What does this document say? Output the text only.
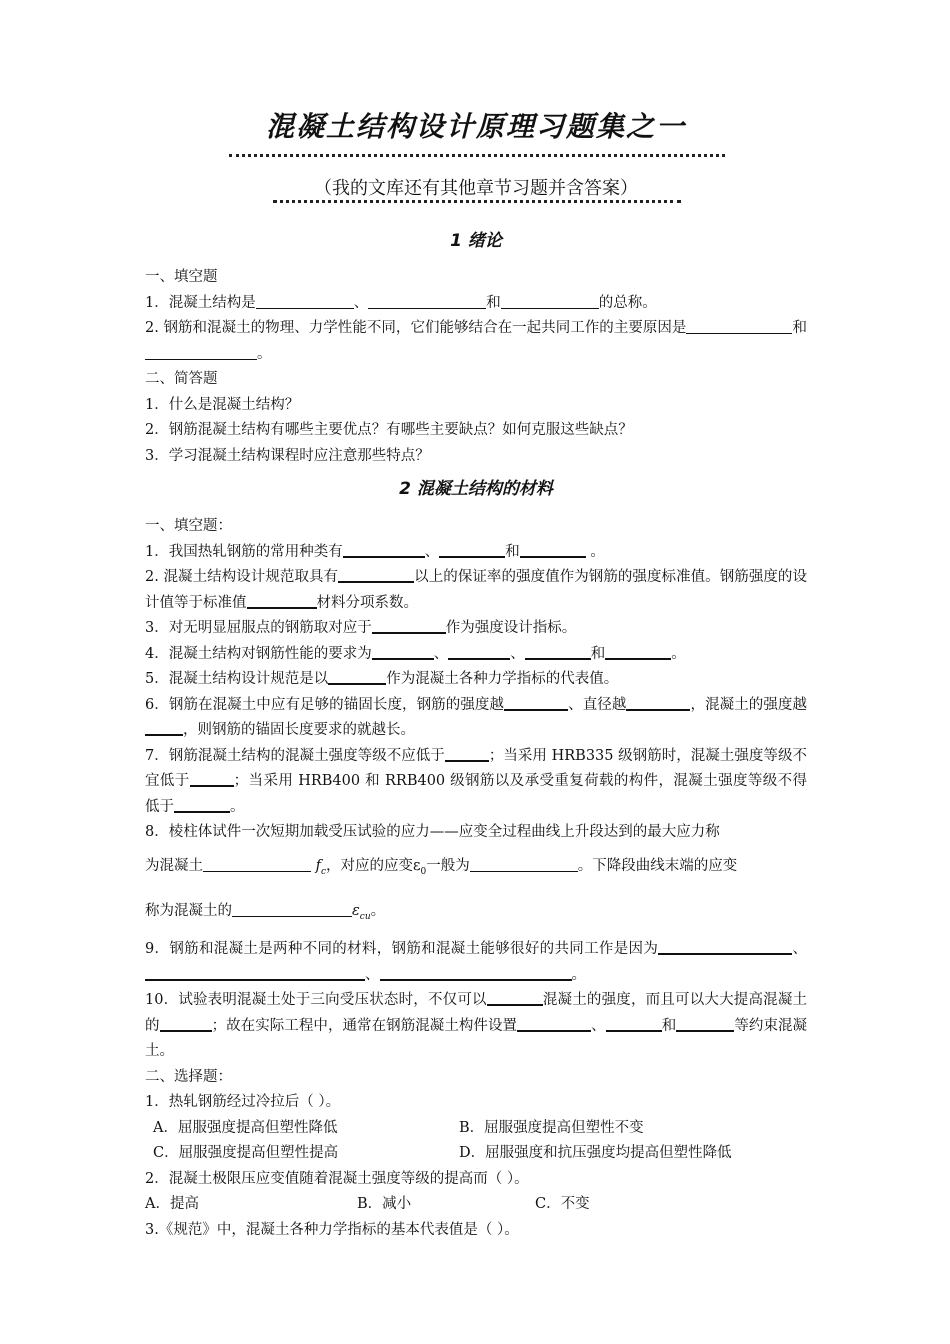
混凝土结构设计原理习题集之一
（我的文库还有其他章节习题并含答案）
1 绪论
一、填空题
1．混凝土结构是	、	和	的总称。
2. 钢筋和混凝土的物理、力学性能不同，它们能够结合在一起共同工作的主要原因是	和。
二、简答题
1．什么是混凝土结构？
2．钢筋混凝土结构有哪些主要优点？有哪些主要缺点？如何克服这些缺点？
3．学习混凝土结构课程时应注意那些特点？
2 混凝土结构的材料
一、填空题：
1．我国热轧钢筋的常用种类有	、	和	。
2. 混凝土结构设计规范取具有	以上的保证率的强度值作为钢筋的强度标准值。钢筋强度的设计值等于标准值	材料分项系数。
3．对无明显屈服点的钢筋取对应于	作为强度设计指标。
4．混凝土结构对钢筋性能的要求为	、	、	和	。
5．混凝土结构设计规范是以	作为混凝土各种力学指标的代表值。
6．钢筋在混凝土中应有足够的锚固长度，钢筋的强度越	、直径越	，混凝土的强度越，则钢筋的锚固长度要求的就越长。
7．钢筋混凝土结构的混凝土强度等级不应低于	；当采用 HRB335 级钢筋时，混凝土强度等级不宜低于	；当采用 HRB400 和 RRB400 级钢筋以及承受重复荷载的构件，混凝土强度等级不得低于	。
8．棱柱体试件一次短期加载受压试验的应力——应变全过程曲线上升段达到的最大应力称
为混凝土	$f_c$，对应的应变$\varepsilon_0$一般为	。下降段曲线末端的应变
称为混凝土的	$\varepsilon_{cu}$。
9．钢筋和混凝土是两种不同的材料，钢筋和混凝土能够很好的共同工作是因为	、、	。
10．试验表明混凝土处于三向受压状态时，不仅可以	混凝土的强度，而且可以大大提高混凝土的	；故在实际工程中，通常在钢筋混凝土构件设置	、	和	等约束混凝土。
二、选择题：
1．热轧钢筋经过冷拉后（ ）。
A．屈服强度提高但塑性降低	B．屈服强度提高但塑性不变
C．屈服强度提高但塑性提高	D．屈服强度和抗压强度均提高但塑性降低
2．混凝土极限压应变值随着混凝土强度等级的提高而（ ）。
A．提高	B．减小	C．不变
3.《规范》中，混凝土各种力学指标的基本代表值是（ ）。
